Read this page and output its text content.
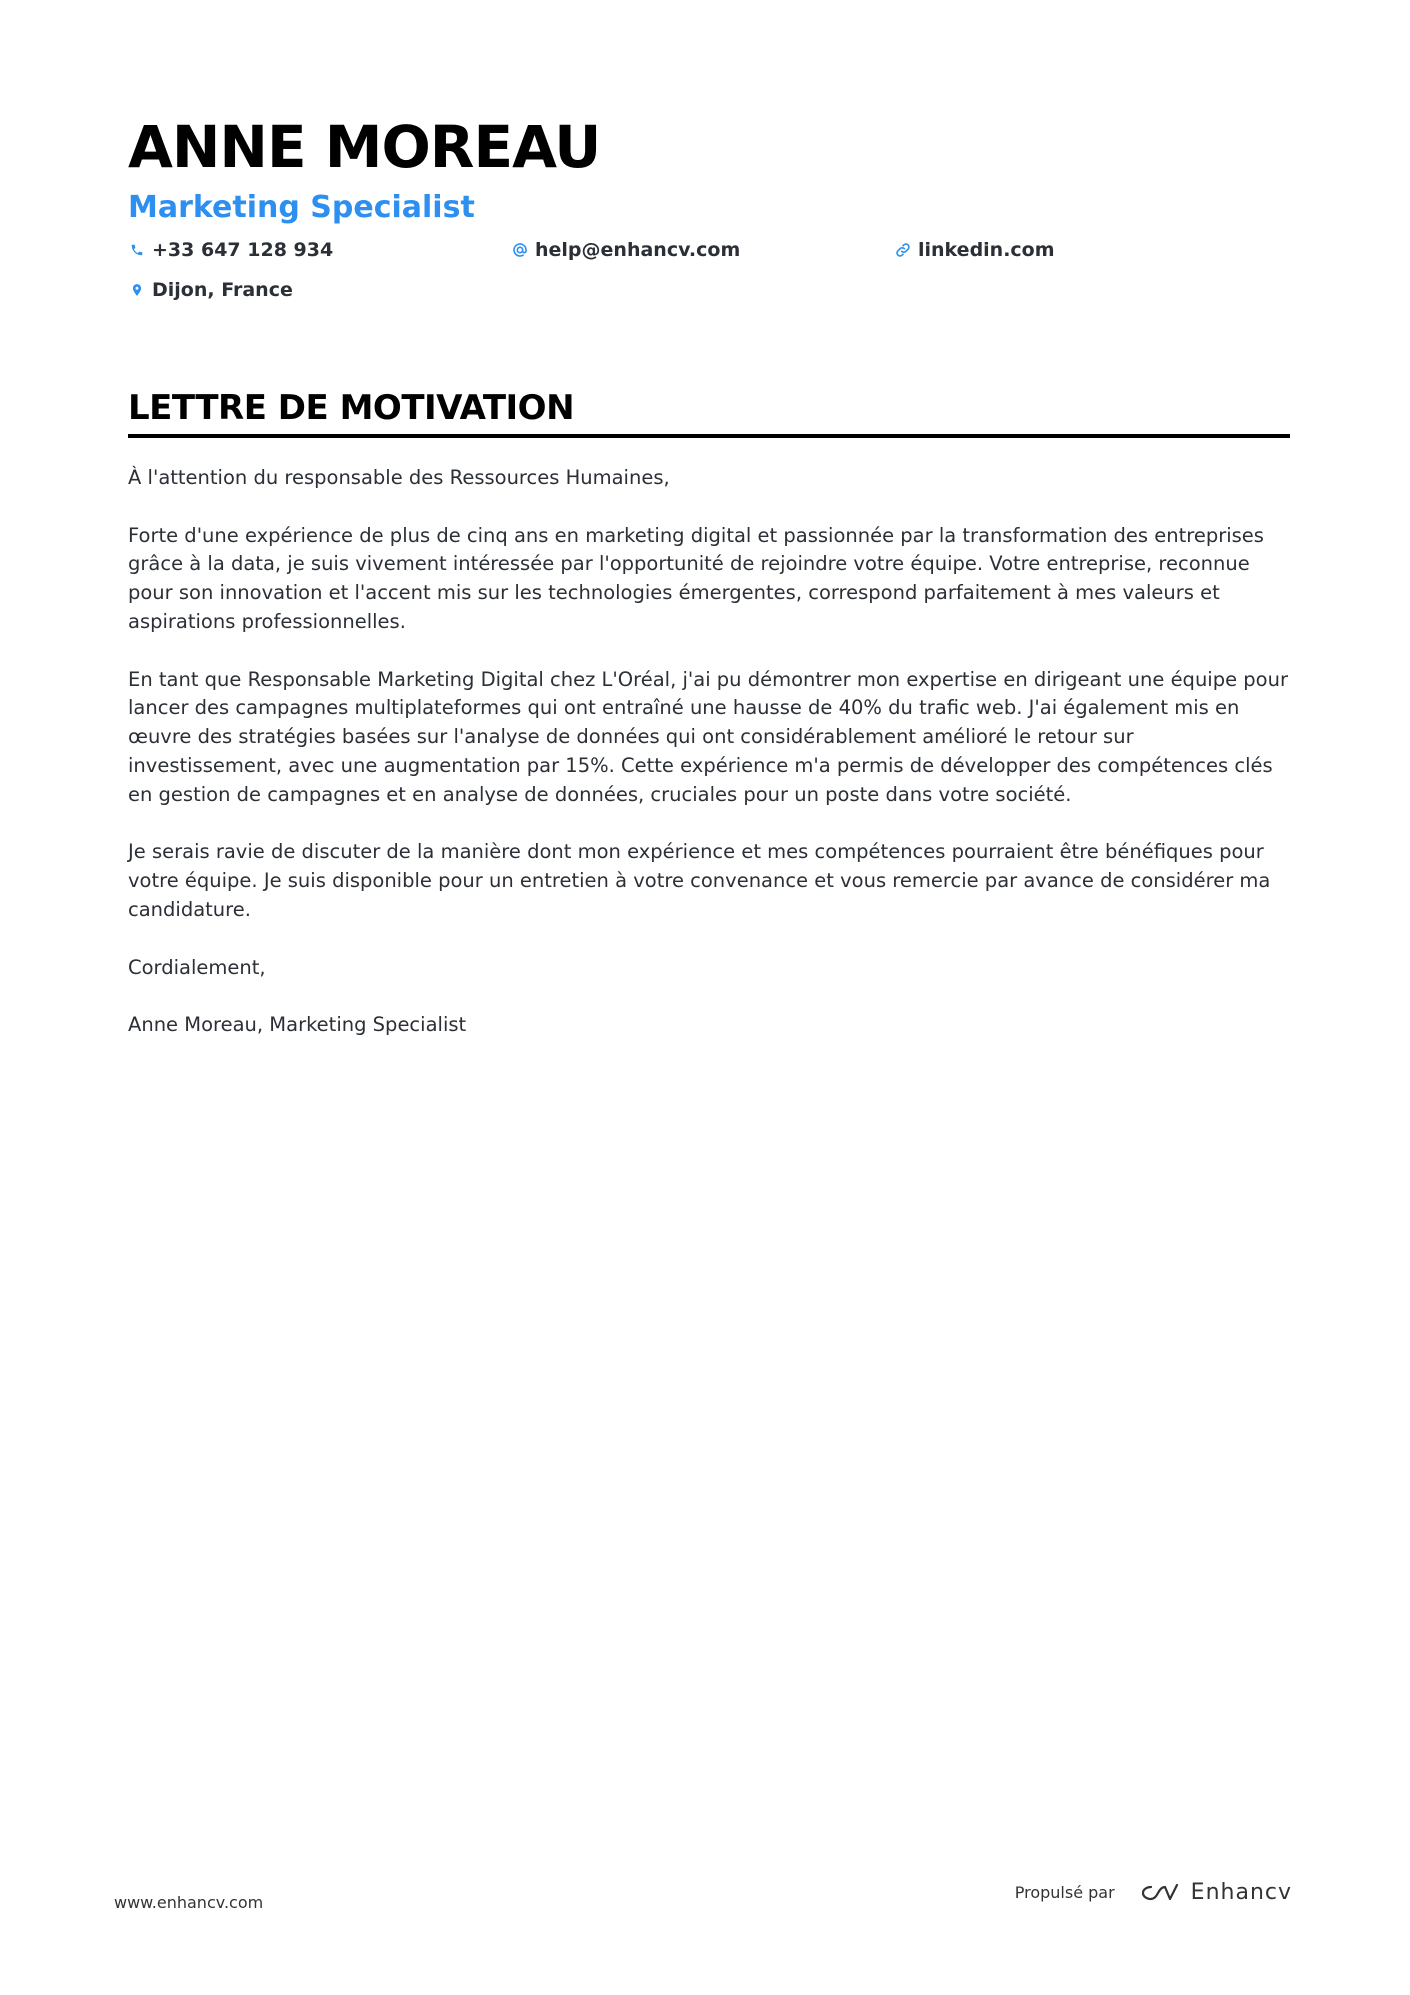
ANNE MOREAU
Marketing Specialist
+33 647 128 934	help@enhancv.com	linkedin.com
Dijon, France
LETTRE DE MOTIVATION

À l'attention du responsable des Ressources Humaines,

Forte d'une expérience de plus de cinq ans en marketing digital et passionnée par la transformation des entreprises grâce à la data, je suis vivement intéressée par l'opportunité de rejoindre votre équipe. Votre entreprise, reconnue pour son innovation et l'accent mis sur les technologies émergentes, correspond parfaitement à mes valeurs et aspirations professionnelles.

En tant que Responsable Marketing Digital chez L'Oréal, j'ai pu démontrer mon expertise en dirigeant une équipe pour lancer des campagnes multiplateformes qui ont entraîné une hausse de 40% du trafic web. J'ai également mis en œuvre des stratégies basées sur l'analyse de données qui ont considérablement amélioré le retour sur investissement, avec une augmentation par 15%. Cette expérience m'a permis de développer des compétences clés en gestion de campagnes et en analyse de données, cruciales pour un poste dans votre société.

Je serais ravie de discuter de la manière dont mon expérience et mes compétences pourraient être bénéfiques pour votre équipe. Je suis disponible pour un entretien à votre convenance et vous remercie par avance de considérer ma candidature.

Cordialement,

Anne Moreau, Marketing Specialist

www.enhancv.com
Propulsé par	Enhancv
